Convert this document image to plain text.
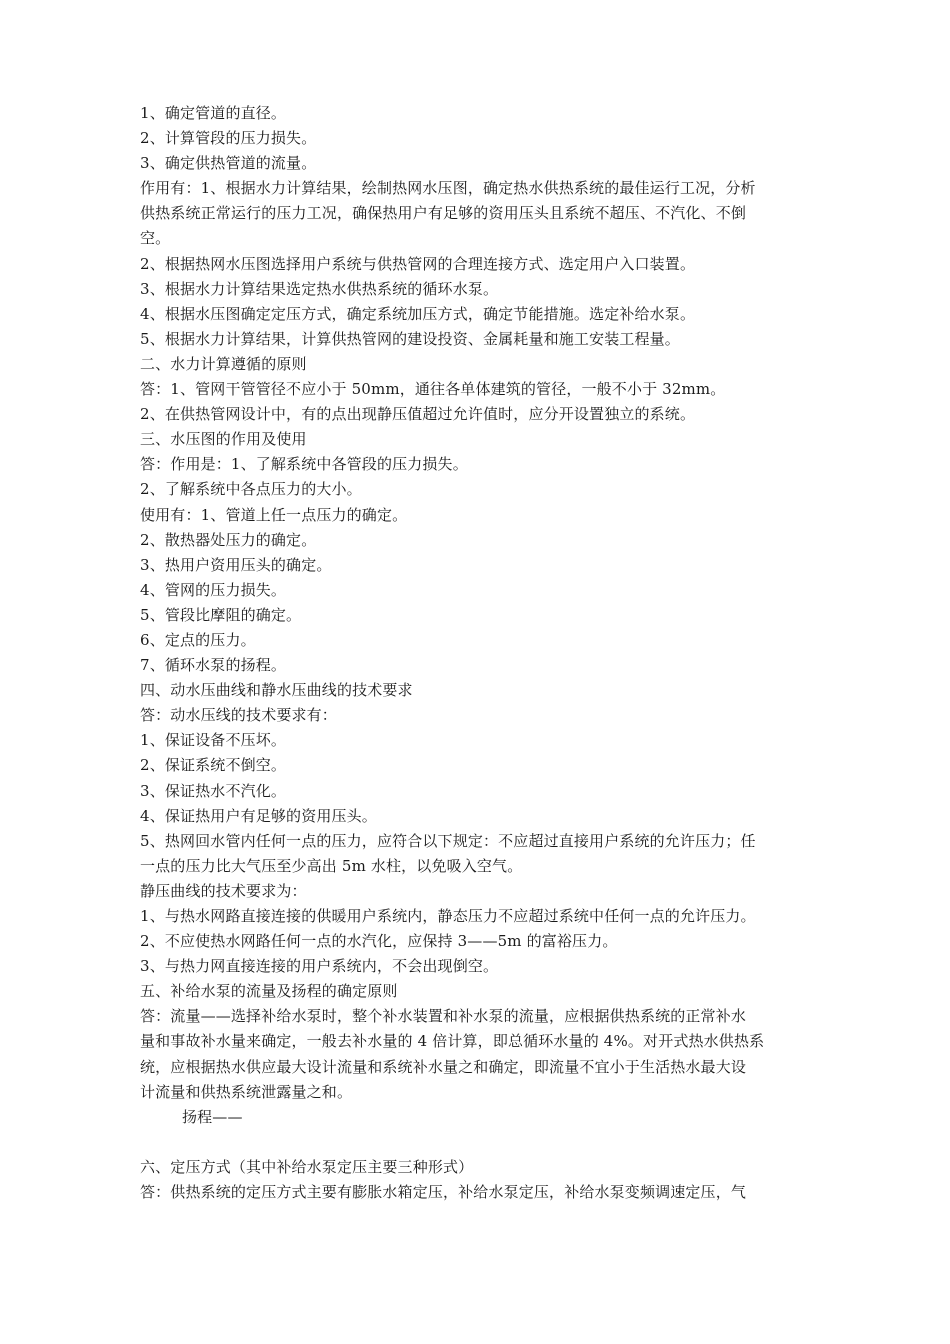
1、确定管道的直径。

2、计算管段的压力损失。

3、确定供热管道的流量。

作用有：1、根据水力计算结果，绘制热网水压图，确定热水供热系统的最佳运行工况，分析

供热系统正常运行的压力工况，确保热用户有足够的资用压头且系统不超压、不汽化、不倒

空。

2、根据热网水压图选择用户系统与供热管网的合理连接方式、选定用户入口装置。

3、根据水力计算结果选定热水供热系统的循环水泵。

4、根据水压图确定定压方式，确定系统加压方式，确定节能措施。选定补给水泵。

5、根据水力计算结果，计算供热管网的建设投资、金属耗量和施工安装工程量。

二、水力计算遵循的原则

答：1、管网干管管径不应小于 50mm，通往各单体建筑的管径，一般不小于 32mm。

2、在供热管网设计中，有的点出现静压值超过允许值时，应分开设置独立的系统。

三、水压图的作用及使用

答：作用是：1、了解系统中各管段的压力损失。

2、了解系统中各点压力的大小。

使用有：1、管道上任一点压力的确定。

2、散热器处压力的确定。

3、热用户资用压头的确定。

4、管网的压力损失。

5、管段比摩阻的确定。

6、定点的压力。

7、循环水泵的扬程。

四、动水压曲线和静水压曲线的技术要求

答：动水压线的技术要求有：

1、保证设备不压坏。

2、保证系统不倒空。

3、保证热水不汽化。

4、保证热用户有足够的资用压头。

5、热网回水管内任何一点的压力，应符合以下规定：不应超过直接用户系统的允许压力；任

一点的压力比大气压至少高出 5m 水柱，以免吸入空气。

静压曲线的技术要求为：

1、与热水网路直接连接的供暖用户系统内，静态压力不应超过系统中任何一点的允许压力。

2、不应使热水网路任何一点的水汽化，应保持 3——5m 的富裕压力。

3、与热力网直接连接的用户系统内，不会出现倒空。

五、补给水泵的流量及扬程的确定原则

答：流量——选择补给水泵时，整个补水装置和补水泵的流量，应根据供热系统的正常补水

量和事故补水量来确定，一般去补水量的 4 倍计算，即总循环水量的 4%。对开式热水供热系

统，应根据热水供应最大设计流量和系统补水量之和确定，即流量不宜小于生活热水最大设

计流量和供热系统泄露量之和。

扬程——

六、定压方式（其中补给水泵定压主要三种形式）

答：供热系统的定压方式主要有膨胀水箱定压，补给水泵定压，补给水泵变频调速定压，气
